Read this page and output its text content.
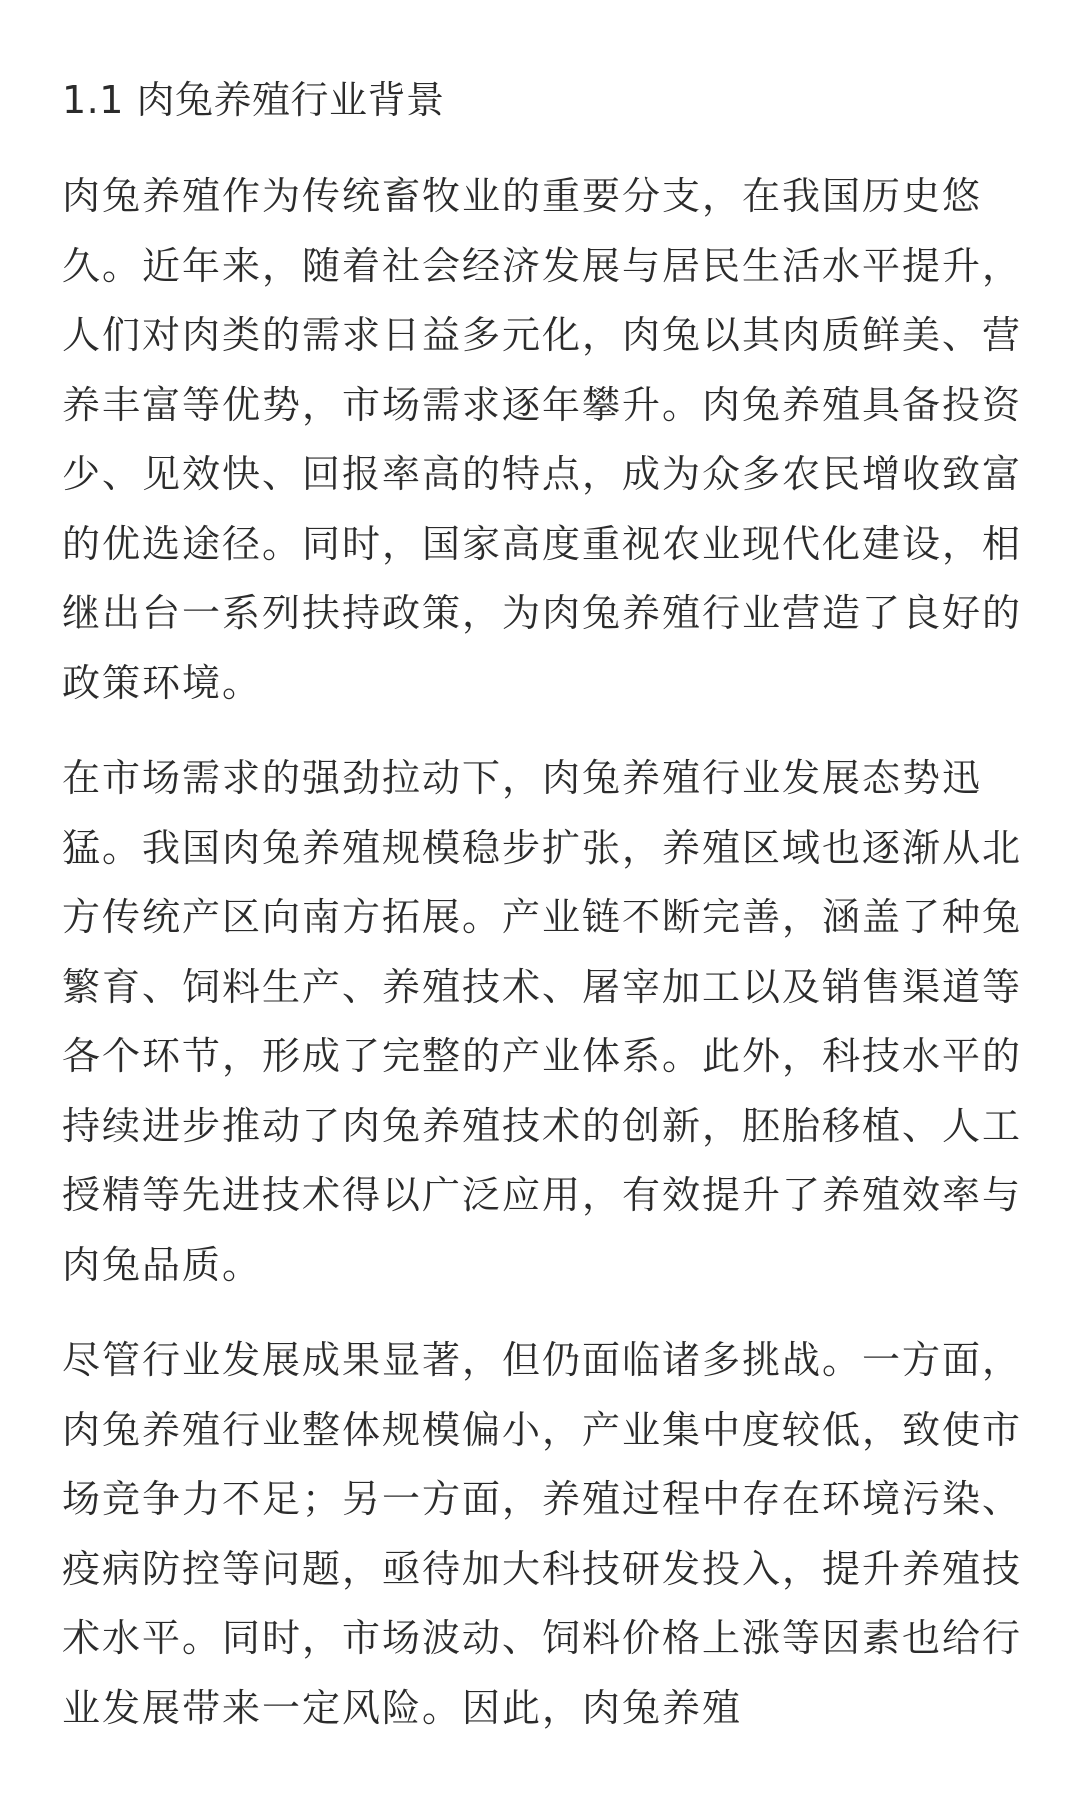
1.1 肉兔养殖行业背景

肉兔养殖作为传统畜牧业的重要分支，在我国历史悠久。近年来，随着社会经济发展与居民生活水平提升，人们对肉类的需求日益多元化，肉兔以其肉质鲜美、营养丰富等优势，市场需求逐年攀升。肉兔养殖具备投资少、见效快、回报率高的特点，成为众多农民增收致富的优选途径。同时，国家高度重视农业现代化建设，相继出台一系列扶持政策，为肉兔养殖行业营造了良好的政策环境。

在市场需求的强劲拉动下，肉兔养殖行业发展态势迅猛。我国肉兔养殖规模稳步扩张，养殖区域也逐渐从北方传统产区向南方拓展。产业链不断完善，涵盖了种兔繁育、饲料生产、养殖技术、屠宰加工以及销售渠道等各个环节，形成了完整的产业体系。此外，科技水平的持续进步推动了肉兔养殖技术的创新，胚胎移植、人工授精等先进技术得以广泛应用，有效提升了养殖效率与肉兔品质。

尽管行业发展成果显著，但仍面临诸多挑战。一方面，肉兔养殖行业整体规模偏小，产业集中度较低，致使市场竞争力不足；另一方面，养殖过程中存在环境污染、疫病防控等问题，亟待加大科技研发投入，提升养殖技术水平。同时，市场波动、饲料价格上涨等因素也给行业发展带来一定风险。因此，肉兔养殖
